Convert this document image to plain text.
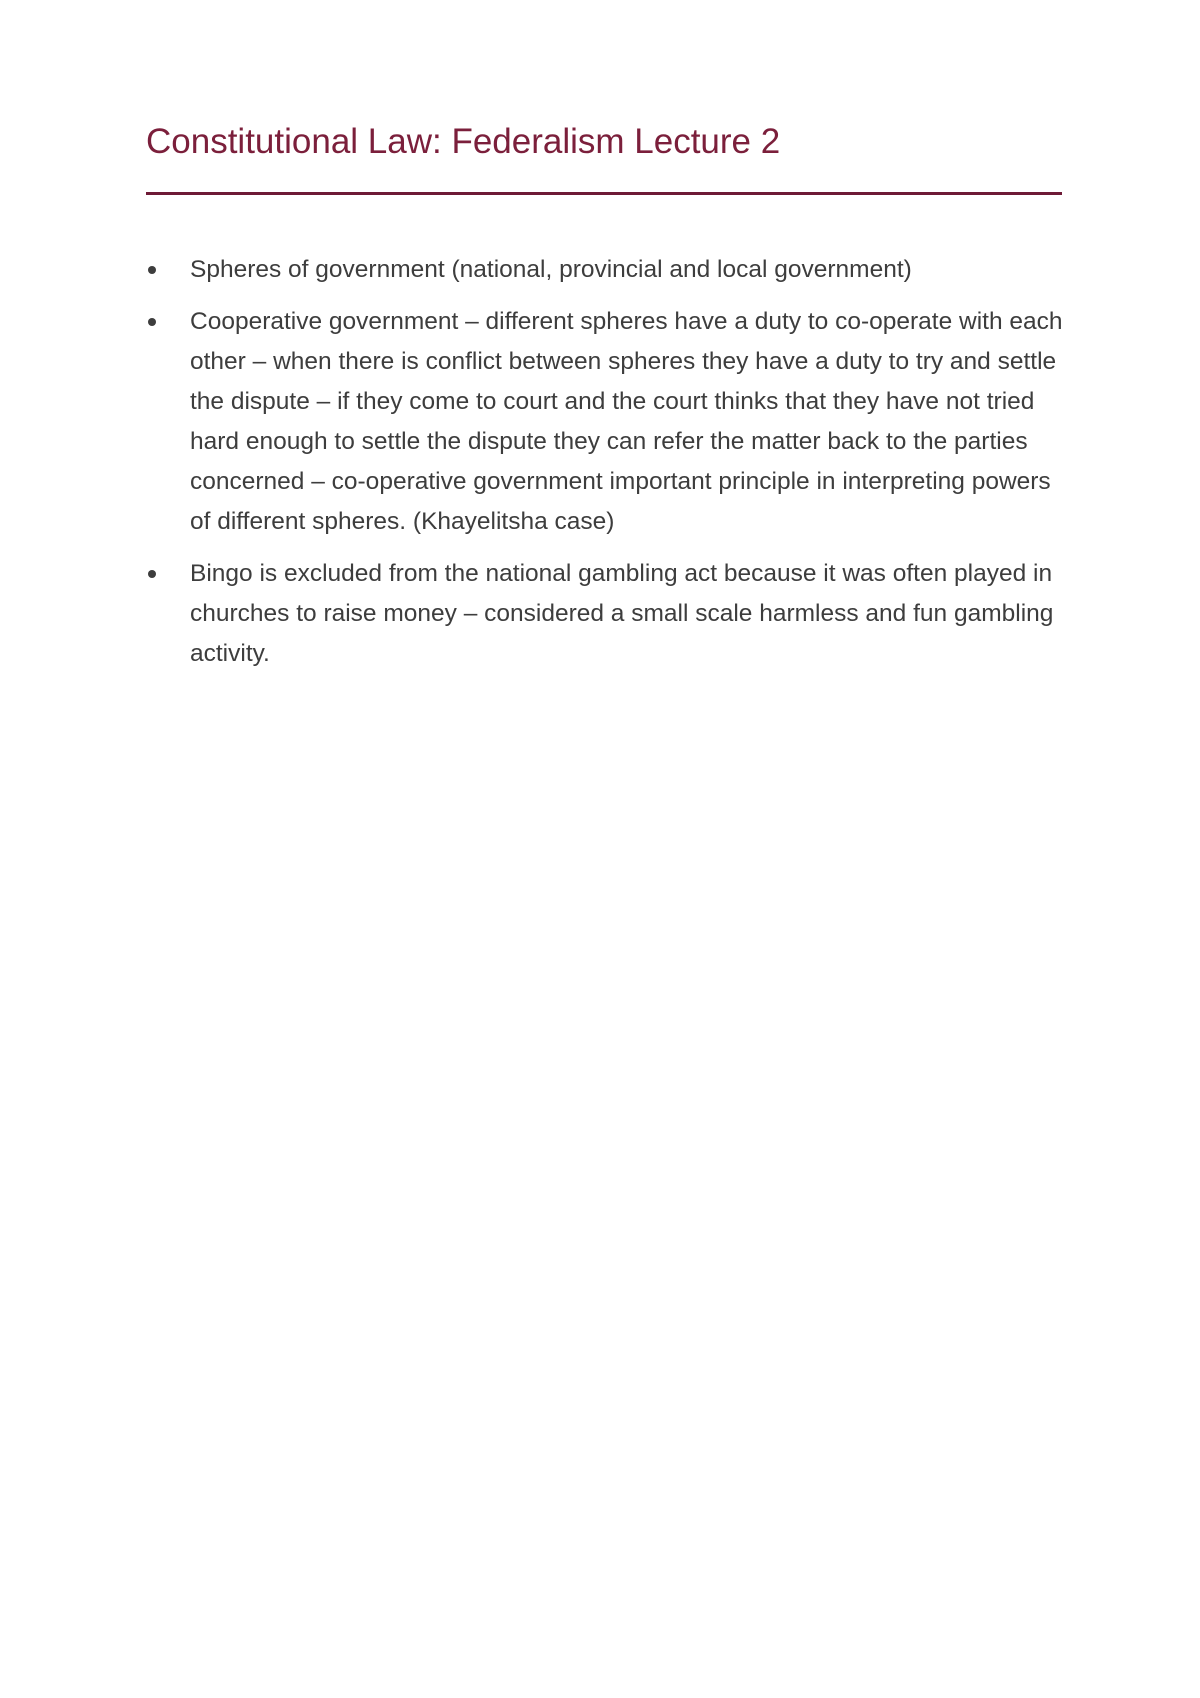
Constitutional Law: Federalism Lecture 2
Spheres of government (national, provincial and local government)
Cooperative government – different spheres have a duty to co-operate with each other – when there is conflict between spheres they have a duty to try and settle the dispute – if they come to court and the court thinks that they have not tried hard enough to settle the dispute they can refer the matter back to the parties concerned – co-operative government important principle in interpreting powers of different spheres. (Khayelitsha case)
Bingo is excluded from the national gambling act because it was often played in churches to raise money – considered a small scale harmless and fun gambling activity.
